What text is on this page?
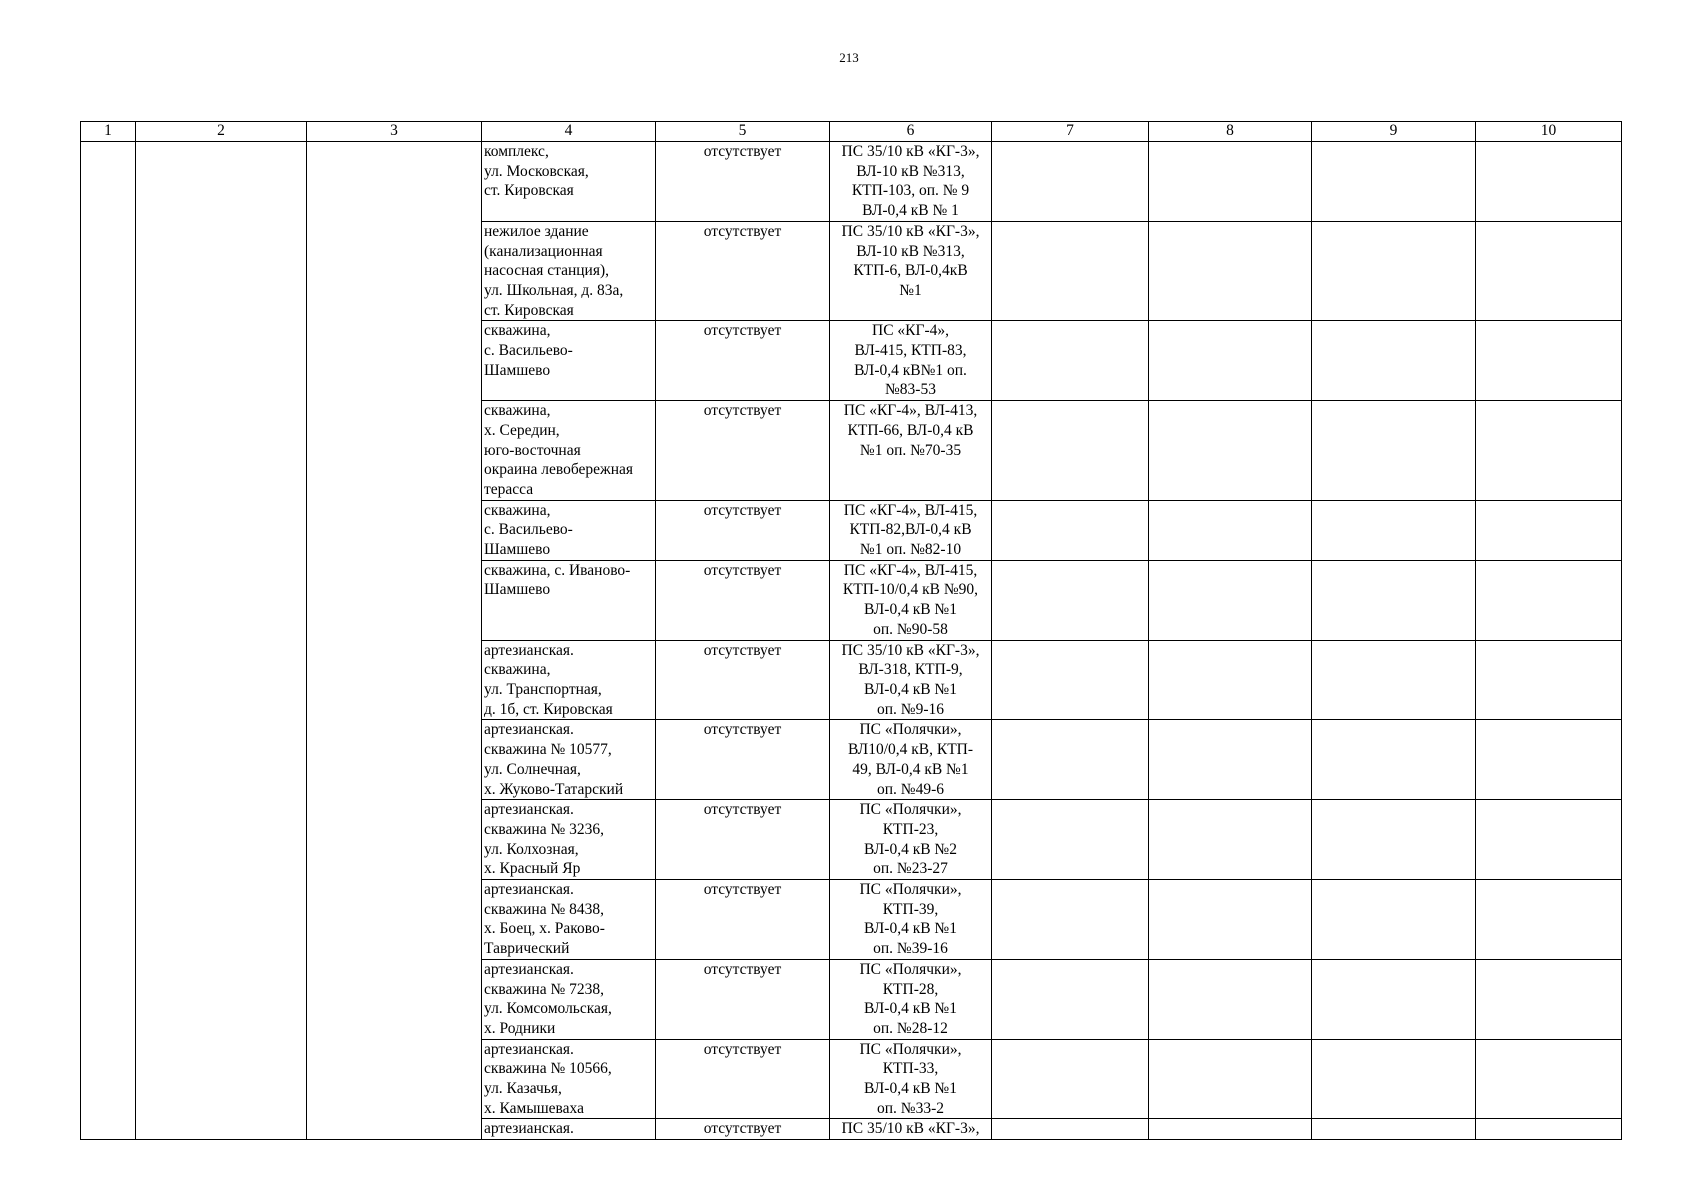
213
1	2	3	4	5	6	7	8	9	10

			комплекс,
ул. Московская,
ст. Кировская	отсутствует	ПС 35/10 кВ «КГ-3»,
ВЛ-10 кВ №313,
КТП-103, оп. № 9
ВЛ-0,4 кВ № 1				

			нежилое здание
(канализационная
насосная станция),
ул. Школьная, д. 83а,
ст. Кировская	отсутствует	ПС 35/10 кВ «КГ-3»,
ВЛ-10 кВ №313,
КТП-6, ВЛ-0,4кВ
№1				

			скважина,
с. Васильево-
Шамшево	отсутствует	ПС «КГ-4»,
ВЛ-415, КТП-83,
ВЛ-0,4 кВ№1 оп.
№83-53				

			скважина,
х. Середин,
юго-восточная
окраина левобережная
терасса	отсутствует	ПС «КГ-4», ВЛ-413,
КТП-66, ВЛ-0,4 кВ
№1 оп. №70-35				

			скважина,
с. Васильево-
Шамшево	отсутствует	ПС «КГ-4», ВЛ-415,
КТП-82,ВЛ-0,4 кВ
№1 оп. №82-10				

			скважина, с. Иваново-
Шамшево	отсутствует	ПС «КГ-4», ВЛ-415,
КТП-10/0,4 кВ №90,
ВЛ-0,4 кВ №1
оп. №90-58				

			артезианская.
скважина,
ул. Транспортная,
д. 1б, ст. Кировская	отсутствует	ПС 35/10 кВ «КГ-3»,
ВЛ-318, КТП-9,
ВЛ-0,4 кВ №1
оп. №9-16				

			артезианская.
скважина № 10577,
ул. Солнечная,
х. Жуково-Татарский	отсутствует	ПС «Полячки»,
ВЛ10/0,4 кВ, КТП-
49, ВЛ-0,4 кВ №1
оп. №49-6				

			артезианская.
скважина № 3236,
ул. Колхозная,
х. Красный Яр	отсутствует	ПС «Полячки»,
КТП-23,
ВЛ-0,4 кВ №2
оп. №23-27				

			артезианская.
скважина № 8438,
х. Боец, х. Раково-
Таврический	отсутствует	ПС «Полячки»,
КТП-39,
ВЛ-0,4 кВ №1
оп. №39-16				

			артезианская.
скважина № 7238,
ул. Комсомольская,
х. Родники	отсутствует	ПС «Полячки»,
КТП-28,
ВЛ-0,4 кВ №1
оп. №28-12				

			артезианская.
скважина № 10566,
ул. Казачья,
х. Камышеваха	отсутствует	ПС «Полячки»,
КТП-33,
ВЛ-0,4 кВ №1
оп. №33-2				

			артезианская.	отсутствует	ПС 35/10 кВ «КГ-3»,				
